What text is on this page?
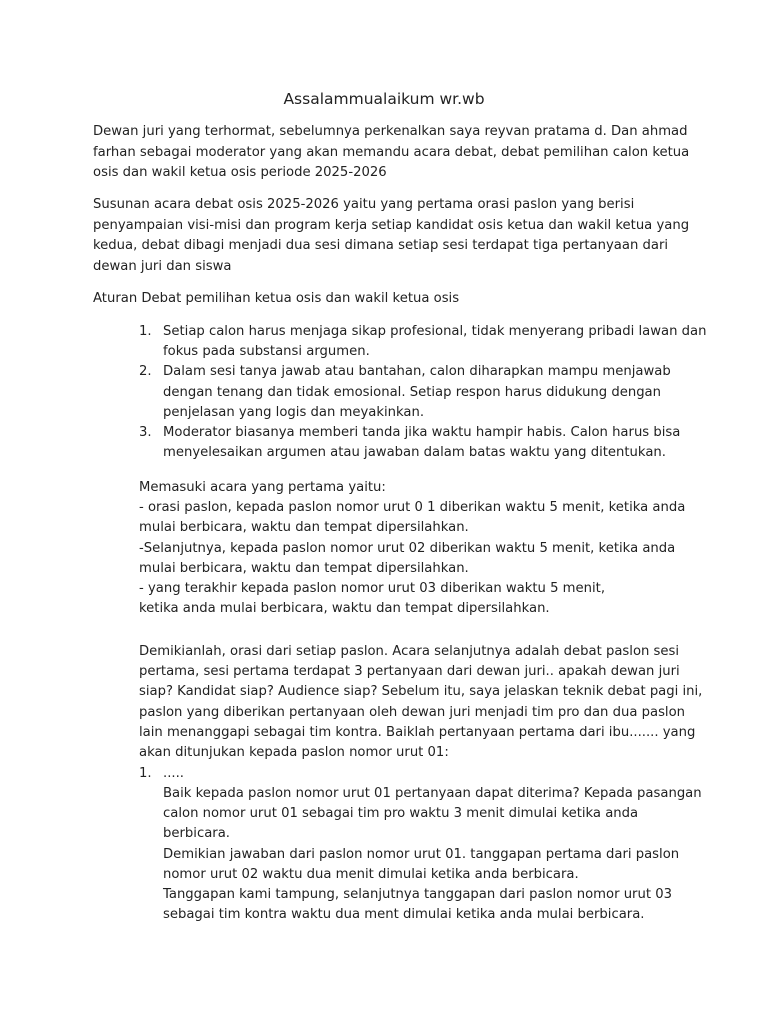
Assalammualaikum wr.wb

Dewan juri yang terhormat, sebelumnya perkenalkan saya reyvan pratama d. Dan ahmad
farhan sebagai moderator yang akan memandu acara debat, debat pemilihan calon ketua
osis dan wakil ketua osis periode 2025-2026

Susunan acara debat osis 2025-2026 yaitu yang pertama orasi paslon yang berisi
penyampaian visi-misi dan program kerja setiap kandidat osis ketua dan wakil ketua yang
kedua, debat dibagi menjadi dua sesi dimana setiap sesi terdapat tiga pertanyaan dari
dewan juri dan siswa

Aturan Debat pemilihan ketua osis dan wakil ketua osis

1. Setiap calon harus menjaga sikap profesional, tidak menyerang pribadi lawan dan
fokus pada substansi argumen.
2. Dalam sesi tanya jawab atau bantahan, calon diharapkan mampu menjawab
dengan tenang dan tidak emosional. Setiap respon harus didukung dengan
penjelasan yang logis dan meyakinkan.
3. Moderator biasanya memberi tanda jika waktu hampir habis. Calon harus bisa
menyelesaikan argumen atau jawaban dalam batas waktu yang ditentukan.

Memasuki acara yang pertama yaitu:
- orasi paslon, kepada paslon nomor urut 0 1 diberikan waktu 5 menit, ketika anda
mulai berbicara, waktu dan tempat dipersilahkan.
-Selanjutnya, kepada paslon nomor urut 02 diberikan waktu 5 menit, ketika anda
mulai berbicara, waktu dan tempat dipersilahkan.
- yang terakhir kepada paslon nomor urut 03 diberikan waktu 5 menit,
ketika anda mulai berbicara, waktu dan tempat dipersilahkan.

Demikianlah, orasi dari setiap paslon. Acara selanjutnya adalah debat paslon sesi
pertama, sesi pertama terdapat 3 pertanyaan dari dewan juri.. apakah dewan juri
siap? Kandidat siap? Audience siap? Sebelum itu, saya jelaskan teknik debat pagi ini,
paslon yang diberikan pertanyaan oleh dewan juri menjadi tim pro dan dua paslon
lain menanggapi sebagai tim kontra. Baiklah pertanyaan pertama dari ibu....... yang
akan ditunjukan kepada paslon nomor urut 01:

1. .....

Baik kepada paslon nomor urut 01 pertanyaan dapat diterima? Kepada pasangan
calon nomor urut 01 sebagai tim pro waktu 3 menit dimulai ketika anda
berbicara.
Demikian jawaban dari paslon nomor urut 01. tanggapan pertama dari paslon
nomor urut 02 waktu dua menit dimulai ketika anda berbicara.
Tanggapan kami tampung, selanjutnya tanggapan dari paslon nomor urut 03
sebagai tim kontra waktu dua ment dimulai ketika anda mulai berbicara.
